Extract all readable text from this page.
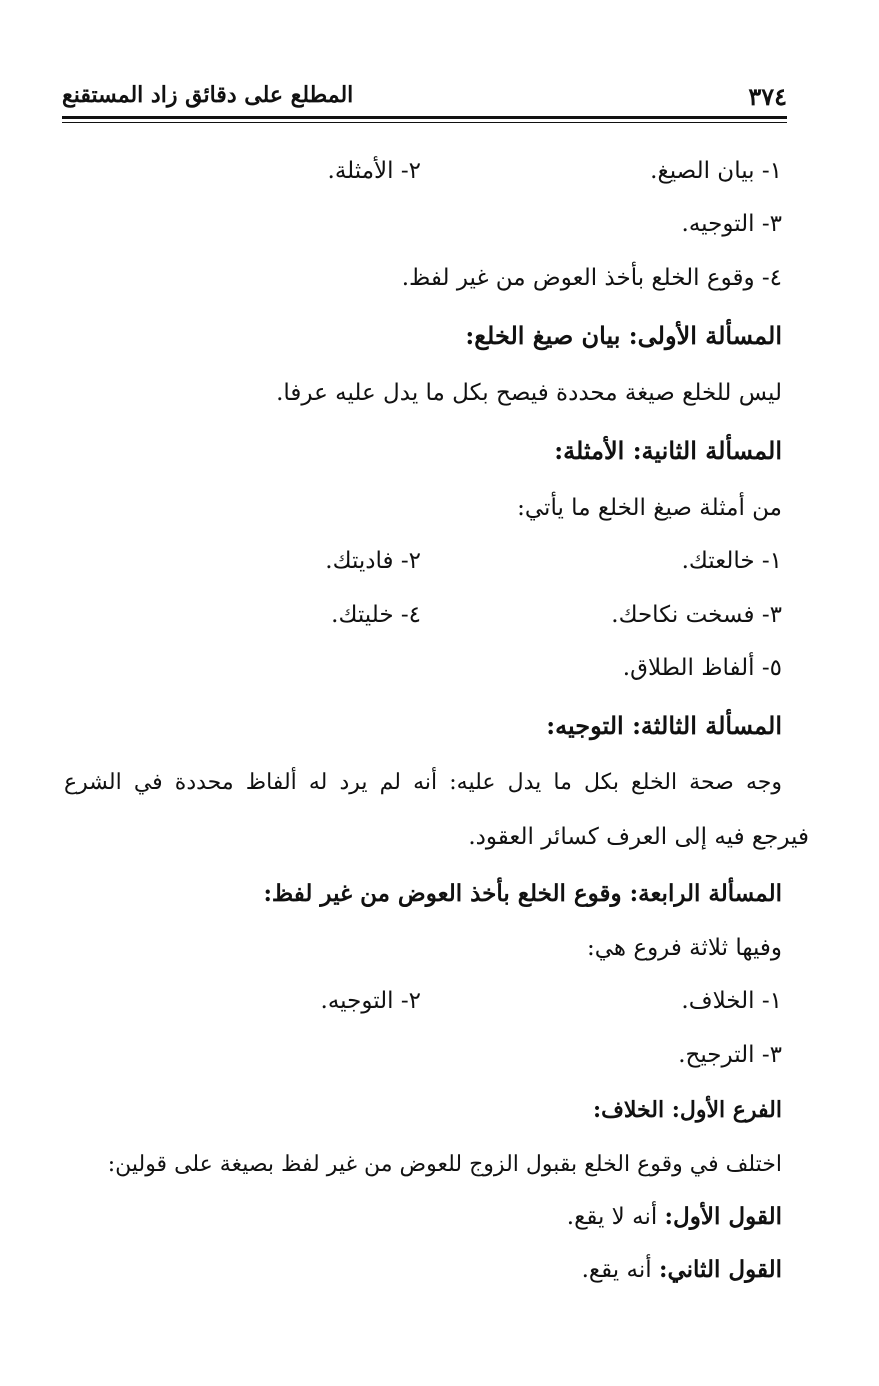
٣٧٤
المطلع على دقائق زاد المستقنع
١- بيان الصيغ.
٢- الأمثلة.
٣- التوجيه.
٤- وقوع الخلع بأخذ العوض من غير لفظ.
المسألة الأولى: بيان صيغ الخلع:
ليس للخلع صيغة محددة فيصح بكل ما يدل عليه عرفا.
المسألة الثانية: الأمثلة:
من أمثلة صيغ الخلع ما يأتي:
١- خالعتك.
٢- فاديتك.
٣- فسخت نكاحك.
٤- خليتك.
٥- ألفاظ الطلاق.
المسألة الثالثة: التوجيه:
وجه صحة الخلع بكل ما يدل عليه: أنه لم يرد له ألفاظ محددة في الشرع
فيرجع فيه إلى العرف كسائر العقود.
المسألة الرابعة: وقوع الخلع بأخذ العوض من غير لفظ:
وفيها ثلاثة فروع هي:
١- الخلاف.
٢- التوجيه.
٣- الترجيح.
الفرع الأول: الخلاف:
اختلف في وقوع الخلع بقبول الزوج للعوض من غير لفظ بصيغة على قولين:
القول الأول: أنه لا يقع.
القول الثاني: أنه يقع.
